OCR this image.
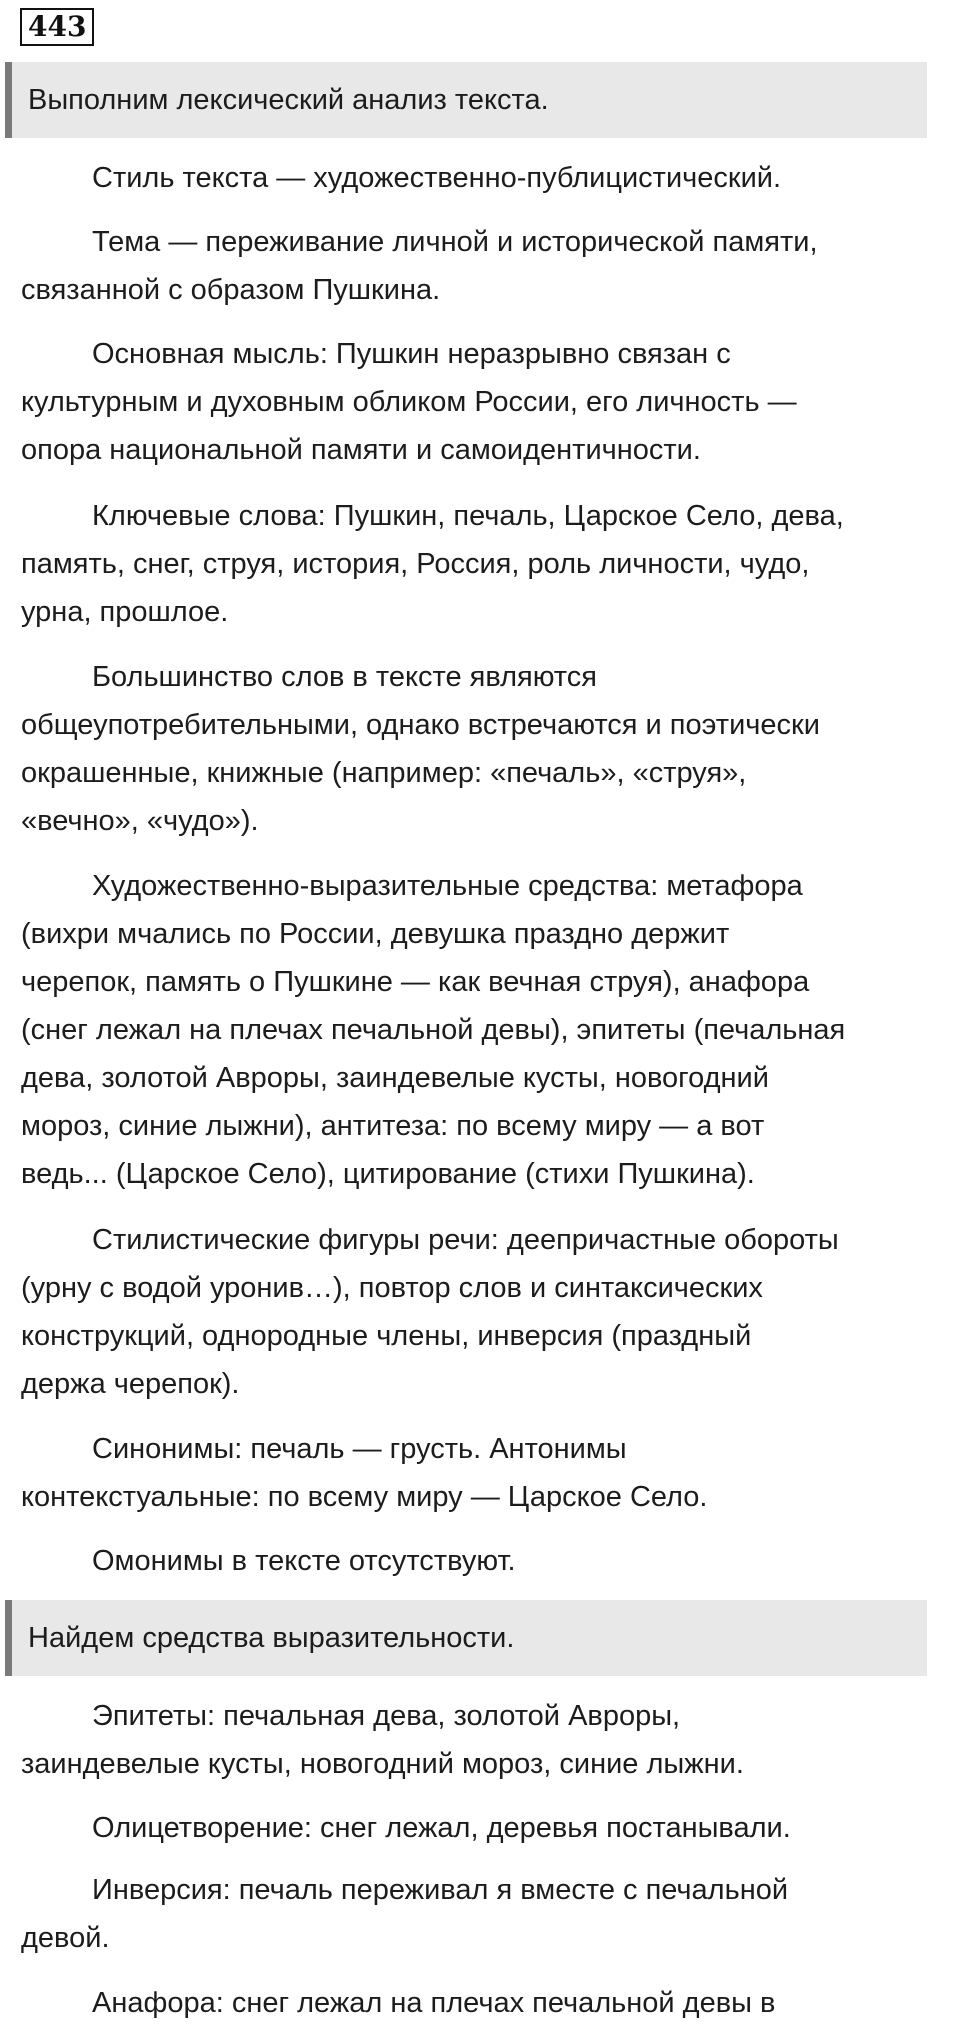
443
Выполним лексический анализ текста.

Стиль текста — художественно-публицистический.

Тема — переживание личной и исторической памяти,
связанной с образом Пушкина.

Основная мысль: Пушкин неразрывно связан с
культурным и духовным обликом России, его личность —
опора национальной памяти и самоидентичности.

Ключевые слова: Пушкин, печаль, Царское Село, дева,
память, снег, струя, история, Россия, роль личности, чудо,
урна, прошлое.

Большинство слов в тексте являются
общеупотребительными, однако встречаются и поэтически
окрашенные, книжные (например: «печаль», «струя»,
«вечно», «чудо»).

Художественно-выразительные средства: метафора
(вихри мчались по России, девушка праздно держит
черепок, память о Пушкине — как вечная струя), анафора
(снег лежал на плечах печальной девы), эпитеты (печальная
дева, золотой Авроры, заиндевелые кусты, новогодний
мороз, синие лыжни), антитеза: по всему миру — а вот
ведь... (Царское Село), цитирование (стихи Пушкина).

Стилистические фигуры речи: деепричастные обороты
(урну с водой уронив…), повтор слов и синтаксических
конструкций, однородные члены, инверсия (праздный
держа черепок).

Синонимы: печаль — грусть. Антонимы
контекстуальные: по всему миру — Царское Село.

Омонимы в тексте отсутствуют.

Найдем средства выразительности.

Эпитеты: печальная дева, золотой Авроры,
заиндевелые кусты, новогодний мороз, синие лыжни.

Олицетворение: снег лежал, деревья постанывали.

Инверсия: печаль переживал я вместе с печальной
девой.

Анафора: снег лежал на плечах печальной девы в
